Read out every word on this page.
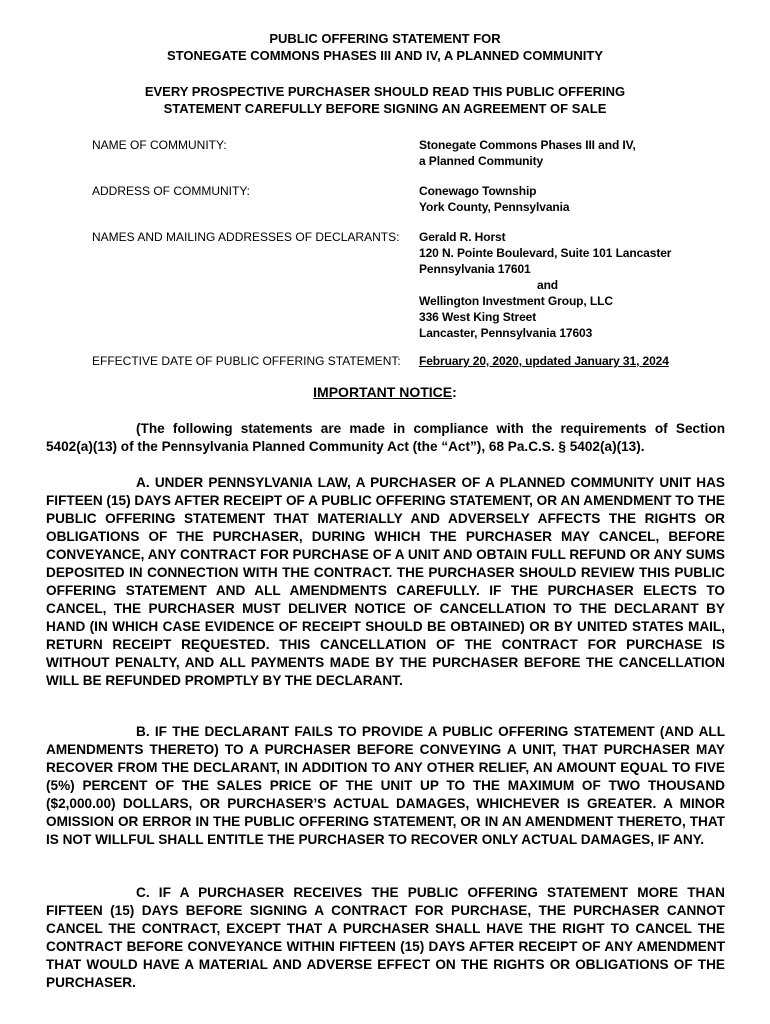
PUBLIC OFFERING STATEMENT FOR
STONEGATE COMMONS PHASES III AND IV, A PLANNED COMMUNITY
EVERY PROSPECTIVE PURCHASER SHOULD READ THIS PUBLIC OFFERING
STATEMENT CAREFULLY BEFORE SIGNING AN AGREEMENT OF SALE
NAME OF COMMUNITY:	Stonegate Commons Phases III and IV,
a Planned Community
ADDRESS OF COMMUNITY:	Conewago Township
York County, Pennsylvania
NAMES AND MAILING ADDRESSES OF DECLARANTS: Gerald R. Horst
120 N. Pointe Boulevard, Suite 101 Lancaster
Pennsylvania 17601
and
Wellington Investment Group, LLC
336 West King Street
Lancaster, Pennsylvania 17603
EFFECTIVE DATE OF PUBLIC OFFERING STATEMENT: February 20, 2020, updated January 31, 2024
IMPORTANT NOTICE:

(The following statements are made in compliance with the requirements of Section 5402(a)(13) of the Pennsylvania Planned Community Act (the “Act”), 68 Pa.C.S. § 5402(a)(13).

A. UNDER PENNSYLVANIA LAW, A PURCHASER OF A PLANNED COMMUNITY UNIT HAS FIFTEEN (15) DAYS AFTER RECEIPT OF A PUBLIC OFFERING STATEMENT, OR AN AMENDMENT TO THE PUBLIC OFFERING STATEMENT THAT MATERIALLY AND ADVERSELY AFFECTS THE RIGHTS OR OBLIGATIONS OF THE PURCHASER, DURING WHICH THE PURCHASER MAY CANCEL, BEFORE CONVEYANCE, ANY CONTRACT FOR PURCHASE OF A UNIT AND OBTAIN FULL REFUND OR ANY SUMS DEPOSITED IN CONNECTION WITH THE CONTRACT. THE PURCHASER SHOULD REVIEW THIS PUBLIC OFFERING STATEMENT AND ALL AMENDMENTS CAREFULLY. IF THE PURCHASER ELECTS TO CANCEL, THE PURCHASER MUST DELIVER NOTICE OF CANCELLATION TO THE DECLARANT BY HAND (IN WHICH CASE EVIDENCE OF RECEIPT SHOULD BE OBTAINED) OR BY UNITED STATES MAIL, RETURN RECEIPT REQUESTED. THIS CANCELLATION OF THE CONTRACT FOR PURCHASE IS WITHOUT PENALTY, AND ALL PAYMENTS MADE BY THE PURCHASER BEFORE THE CANCELLATION WILL BE REFUNDED PROMPTLY BY THE DECLARANT.

B. IF THE DECLARANT FAILS TO PROVIDE A PUBLIC OFFERING STATEMENT (AND ALL AMENDMENTS THERETO) TO A PURCHASER BEFORE CONVEYING A UNIT, THAT PURCHASER MAY RECOVER FROM THE DECLARANT, IN ADDITION TO ANY OTHER RELIEF, AN AMOUNT EQUAL TO FIVE (5%) PERCENT OF THE SALES PRICE OF THE UNIT UP TO THE MAXIMUM OF TWO THOUSAND ($2,000.00) DOLLARS, OR PURCHASER’S ACTUAL DAMAGES, WHICHEVER IS GREATER. A MINOR OMISSION OR ERROR IN THE PUBLIC OFFERING STATEMENT, OR IN AN AMENDMENT THERETO, THAT IS NOT WILLFUL SHALL ENTITLE THE PURCHASER TO RECOVER ONLY ACTUAL DAMAGES, IF ANY.

C. IF A PURCHASER RECEIVES THE PUBLIC OFFERING STATEMENT MORE THAN FIFTEEN (15) DAYS BEFORE SIGNING A CONTRACT FOR PURCHASE, THE PURCHASER CANNOT CANCEL THE CONTRACT, EXCEPT THAT A PURCHASER SHALL HAVE THE RIGHT TO CANCEL THE CONTRACT BEFORE CONVEYANCE WITHIN FIFTEEN (15) DAYS AFTER RECEIPT OF ANY AMENDMENT THAT WOULD HAVE A MATERIAL AND ADVERSE EFFECT ON THE RIGHTS OR OBLIGATIONS OF THE PURCHASER.
